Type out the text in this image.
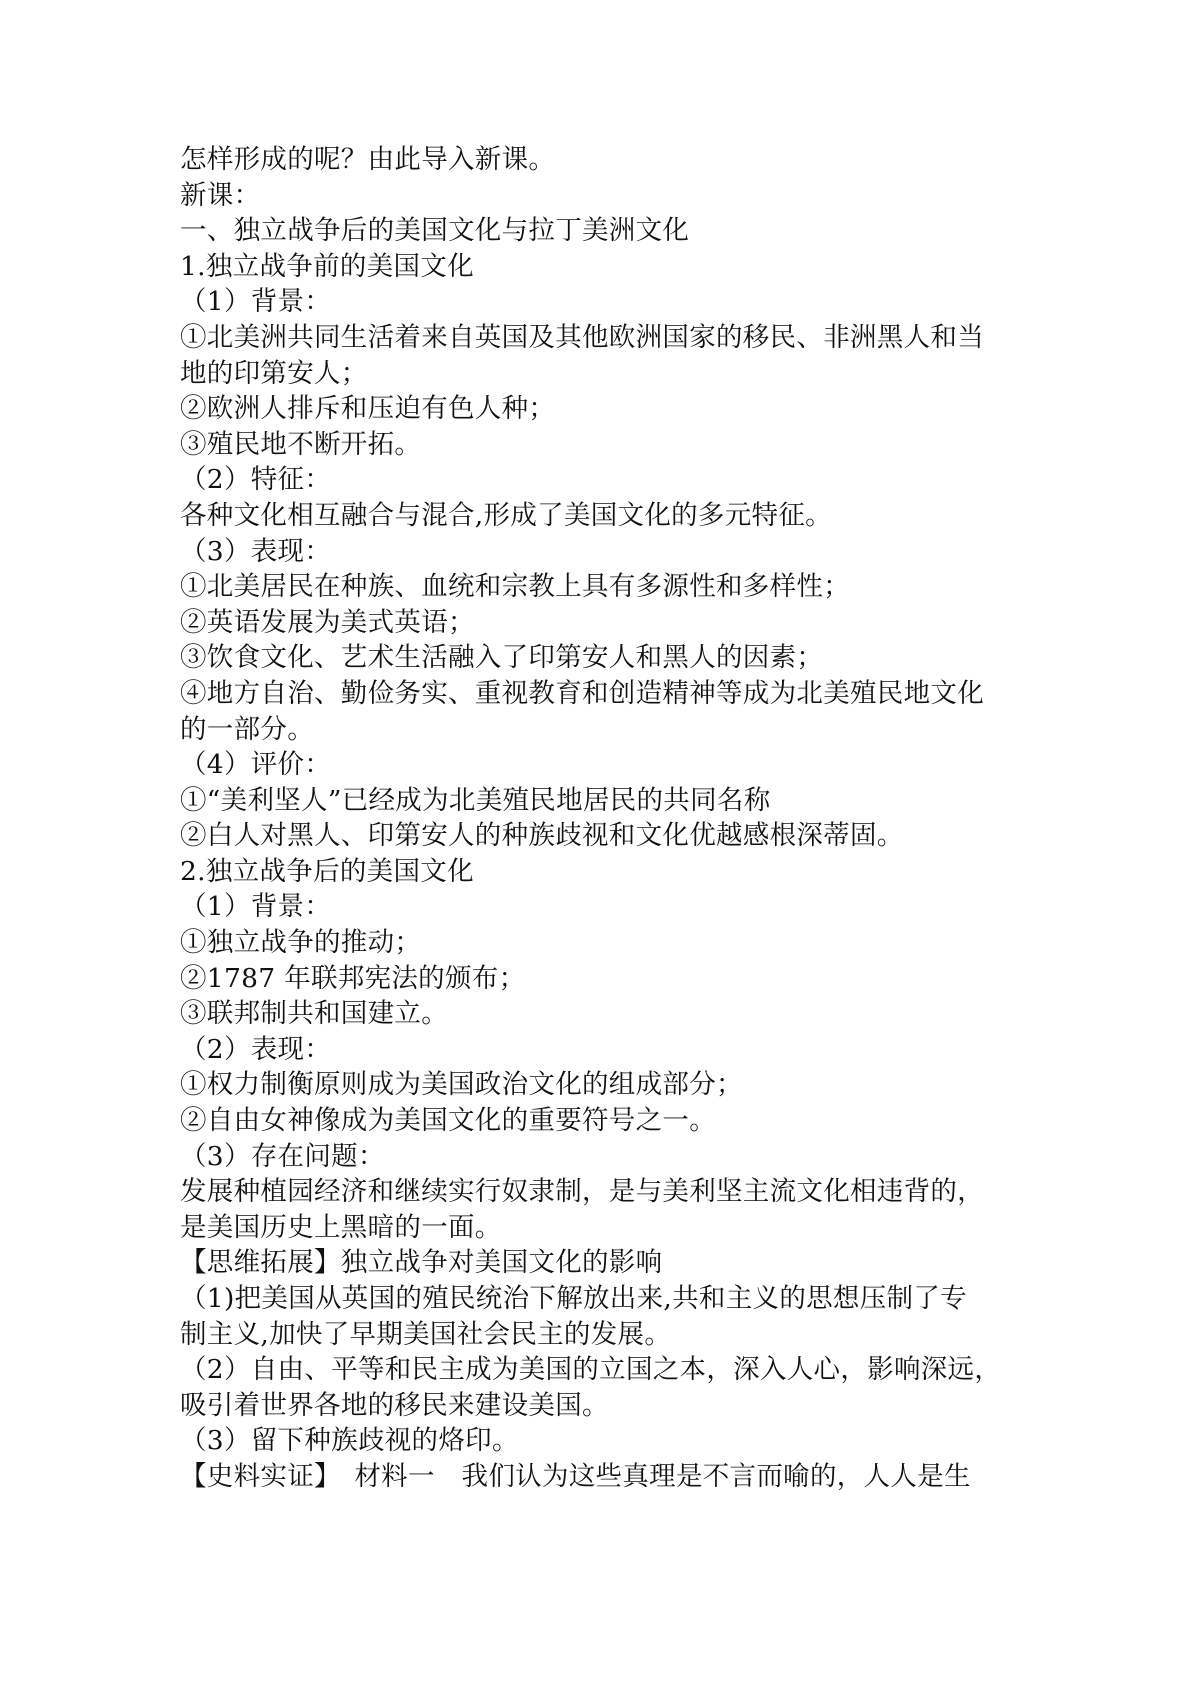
怎样形成的呢？由此导入新课。
新课：
一、独立战争后的美国文化与拉丁美洲文化
1.独立战争前的美国文化
（1）背景：
①北美洲共同生活着来自英国及其他欧洲国家的移民、非洲黑人和当
地的印第安人；
②欧洲人排斥和压迫有色人种；
③殖民地不断开拓。
（2）特征：
各种文化相互融合与混合,形成了美国文化的多元特征。
（3）表现：
①北美居民在种族、血统和宗教上具有多源性和多样性；
②英语发展为美式英语；
③饮食文化、艺术生活融入了印第安人和黑人的因素；
④地方自治、勤俭务实、重视教育和创造精神等成为北美殖民地文化
的一部分。
（4）评价：
①“美利坚人”已经成为北美殖民地居民的共同名称
②白人对黑人、印第安人的种族歧视和文化优越感根深蒂固。
2.独立战争后的美国文化
（1）背景：
①独立战争的推动；
②1787 年联邦宪法的颁布；
③联邦制共和国建立。
（2）表现：
①权力制衡原则成为美国政治文化的组成部分；
②自由女神像成为美国文化的重要符号之一。
（3）存在问题：
发展种植园经济和继续实行奴隶制，是与美利坚主流文化相违背的，
是美国历史上黑暗的一面。
【思维拓展】独立战争对美国文化的影响
（1)把美国从英国的殖民统治下解放出来,共和主义的思想压制了专
制主义,加快了早期美国社会民主的发展。
（2）自由、平等和民主成为美国的立国之本，深入人心，影响深远，
吸引着世界各地的移民来建设美国。
（3）留下种族歧视的烙印。
【史料实证】　材料一　我们认为这些真理是不言而喻的，人人是生
